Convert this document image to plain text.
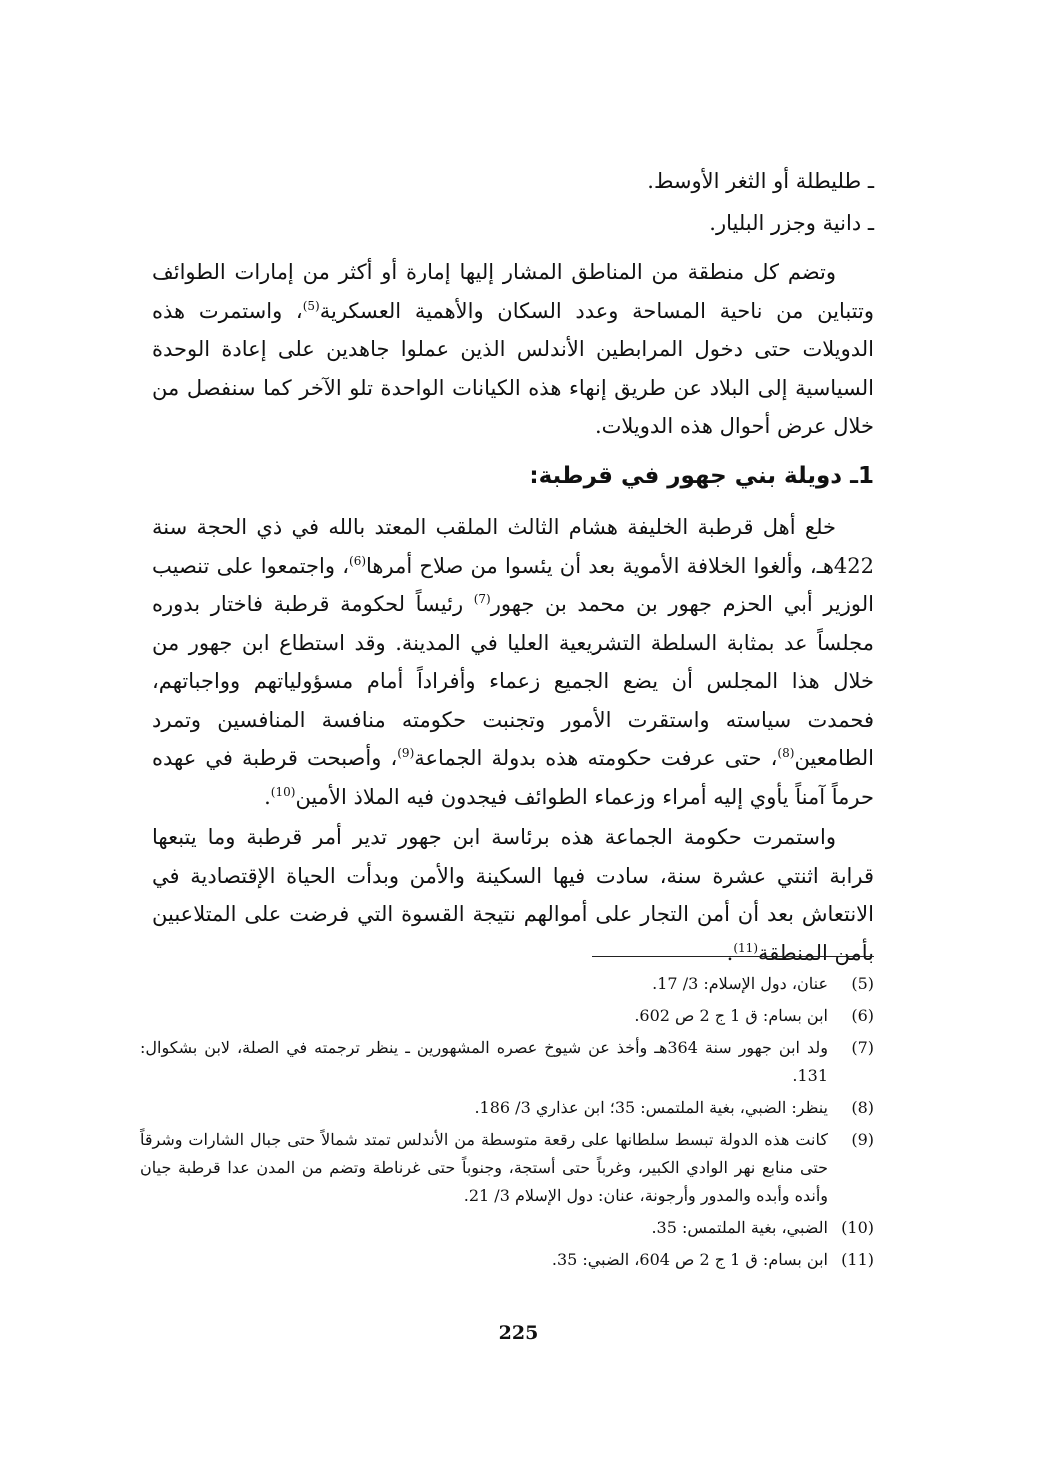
ـ طليطلة أو الثغر الأوسط.

ـ دانية وجزر البليار.

وتضم كل منطقة من المناطق المشار إليها إمارة أو أكثر من إمارات الطوائف وتتباين من ناحية المساحة وعدد السكان والأهمية العسكرية$^{(5)}$، واستمرت هذه الدويلات حتى دخول المرابطين الأندلس الذين عملوا جاهدين على إعادة الوحدة السياسية إلى البلاد عن طريق إنهاء هذه الكيانات الواحدة تلو الآخر كما سنفصل من خلال عرض أحوال هذه الدويلات.

1ـ دويلة بني جهور في قرطبة:

خلع أهل قرطبة الخليفة هشام الثالث الملقب المعتد بالله في ذي الحجة سنة 422هـ، وألغوا الخلافة الأموية بعد أن يئسوا من صلاح أمرها$^{(6)}$، واجتمعوا على تنصيب الوزير أبي الحزم جهور بن محمد بن جهور$^{(7)}$ رئيساً لحكومة قرطبة فاختار بدوره مجلساً عد بمثابة السلطة التشريعية العليا في المدينة. وقد استطاع ابن جهور من خلال هذا المجلس أن يضع الجميع زعماء وأفراداً أمام مسؤولياتهم وواجباتهم، فحمدت سياسته واستقرت الأمور وتجنبت حكومته منافسة المنافسين وتمرد الطامعين$^{(8)}$، حتى عرفت حكومته هذه بدولة الجماعة$^{(9)}$، وأصبحت قرطبة في عهده حرماً آمناً يأوي إليه أمراء وزعماء الطوائف فيجدون فيه الملاذ الأمين$^{(10)}$.

واستمرت حكومة الجماعة هذه برئاسة ابن جهور تدير أمر قرطبة وما يتبعها قرابة اثنتي عشرة سنة، سادت فيها السكينة والأمن وبدأت الحياة الإقتصادية في الانتعاش بعد أن أمن التجار على أموالهم نتيجة القسوة التي فرضت على المتلاعبين بأمن المنطقة$^{(11)}$.

(5)
عنان، دول الإسلام: 3/ 17.
(6)
ابن بسام: ق 1 ج 2 ص 602.
(7)
ولد ابن جهور سنة 364هـ وأخذ عن شيوخ عصره المشهورين ـ ينظر ترجمته في الصلة، لابن بشكوال: 131.
(8)
ينظر: الضبي، بغية الملتمس: 35؛ ابن عذاري 3/ 186.
(9)
كانت هذه الدولة تبسط سلطانها على رقعة متوسطة من الأندلس تمتد شمالاً حتى جبال الشارات وشرقاً حتى منابع نهر الوادي الكبير، وغرباً حتى أستجة، وجنوباً حتى غرناطة وتضم من المدن عدا قرطبة جيان وأنده وأبده والمدور وأرجونة، عنان: دول الإسلام 3/ 21.
(10)
الضبي، بغية الملتمس: 35.
(11)
ابن بسام: ق 1 ج 2 ص 604، الضبي: 35.
225
